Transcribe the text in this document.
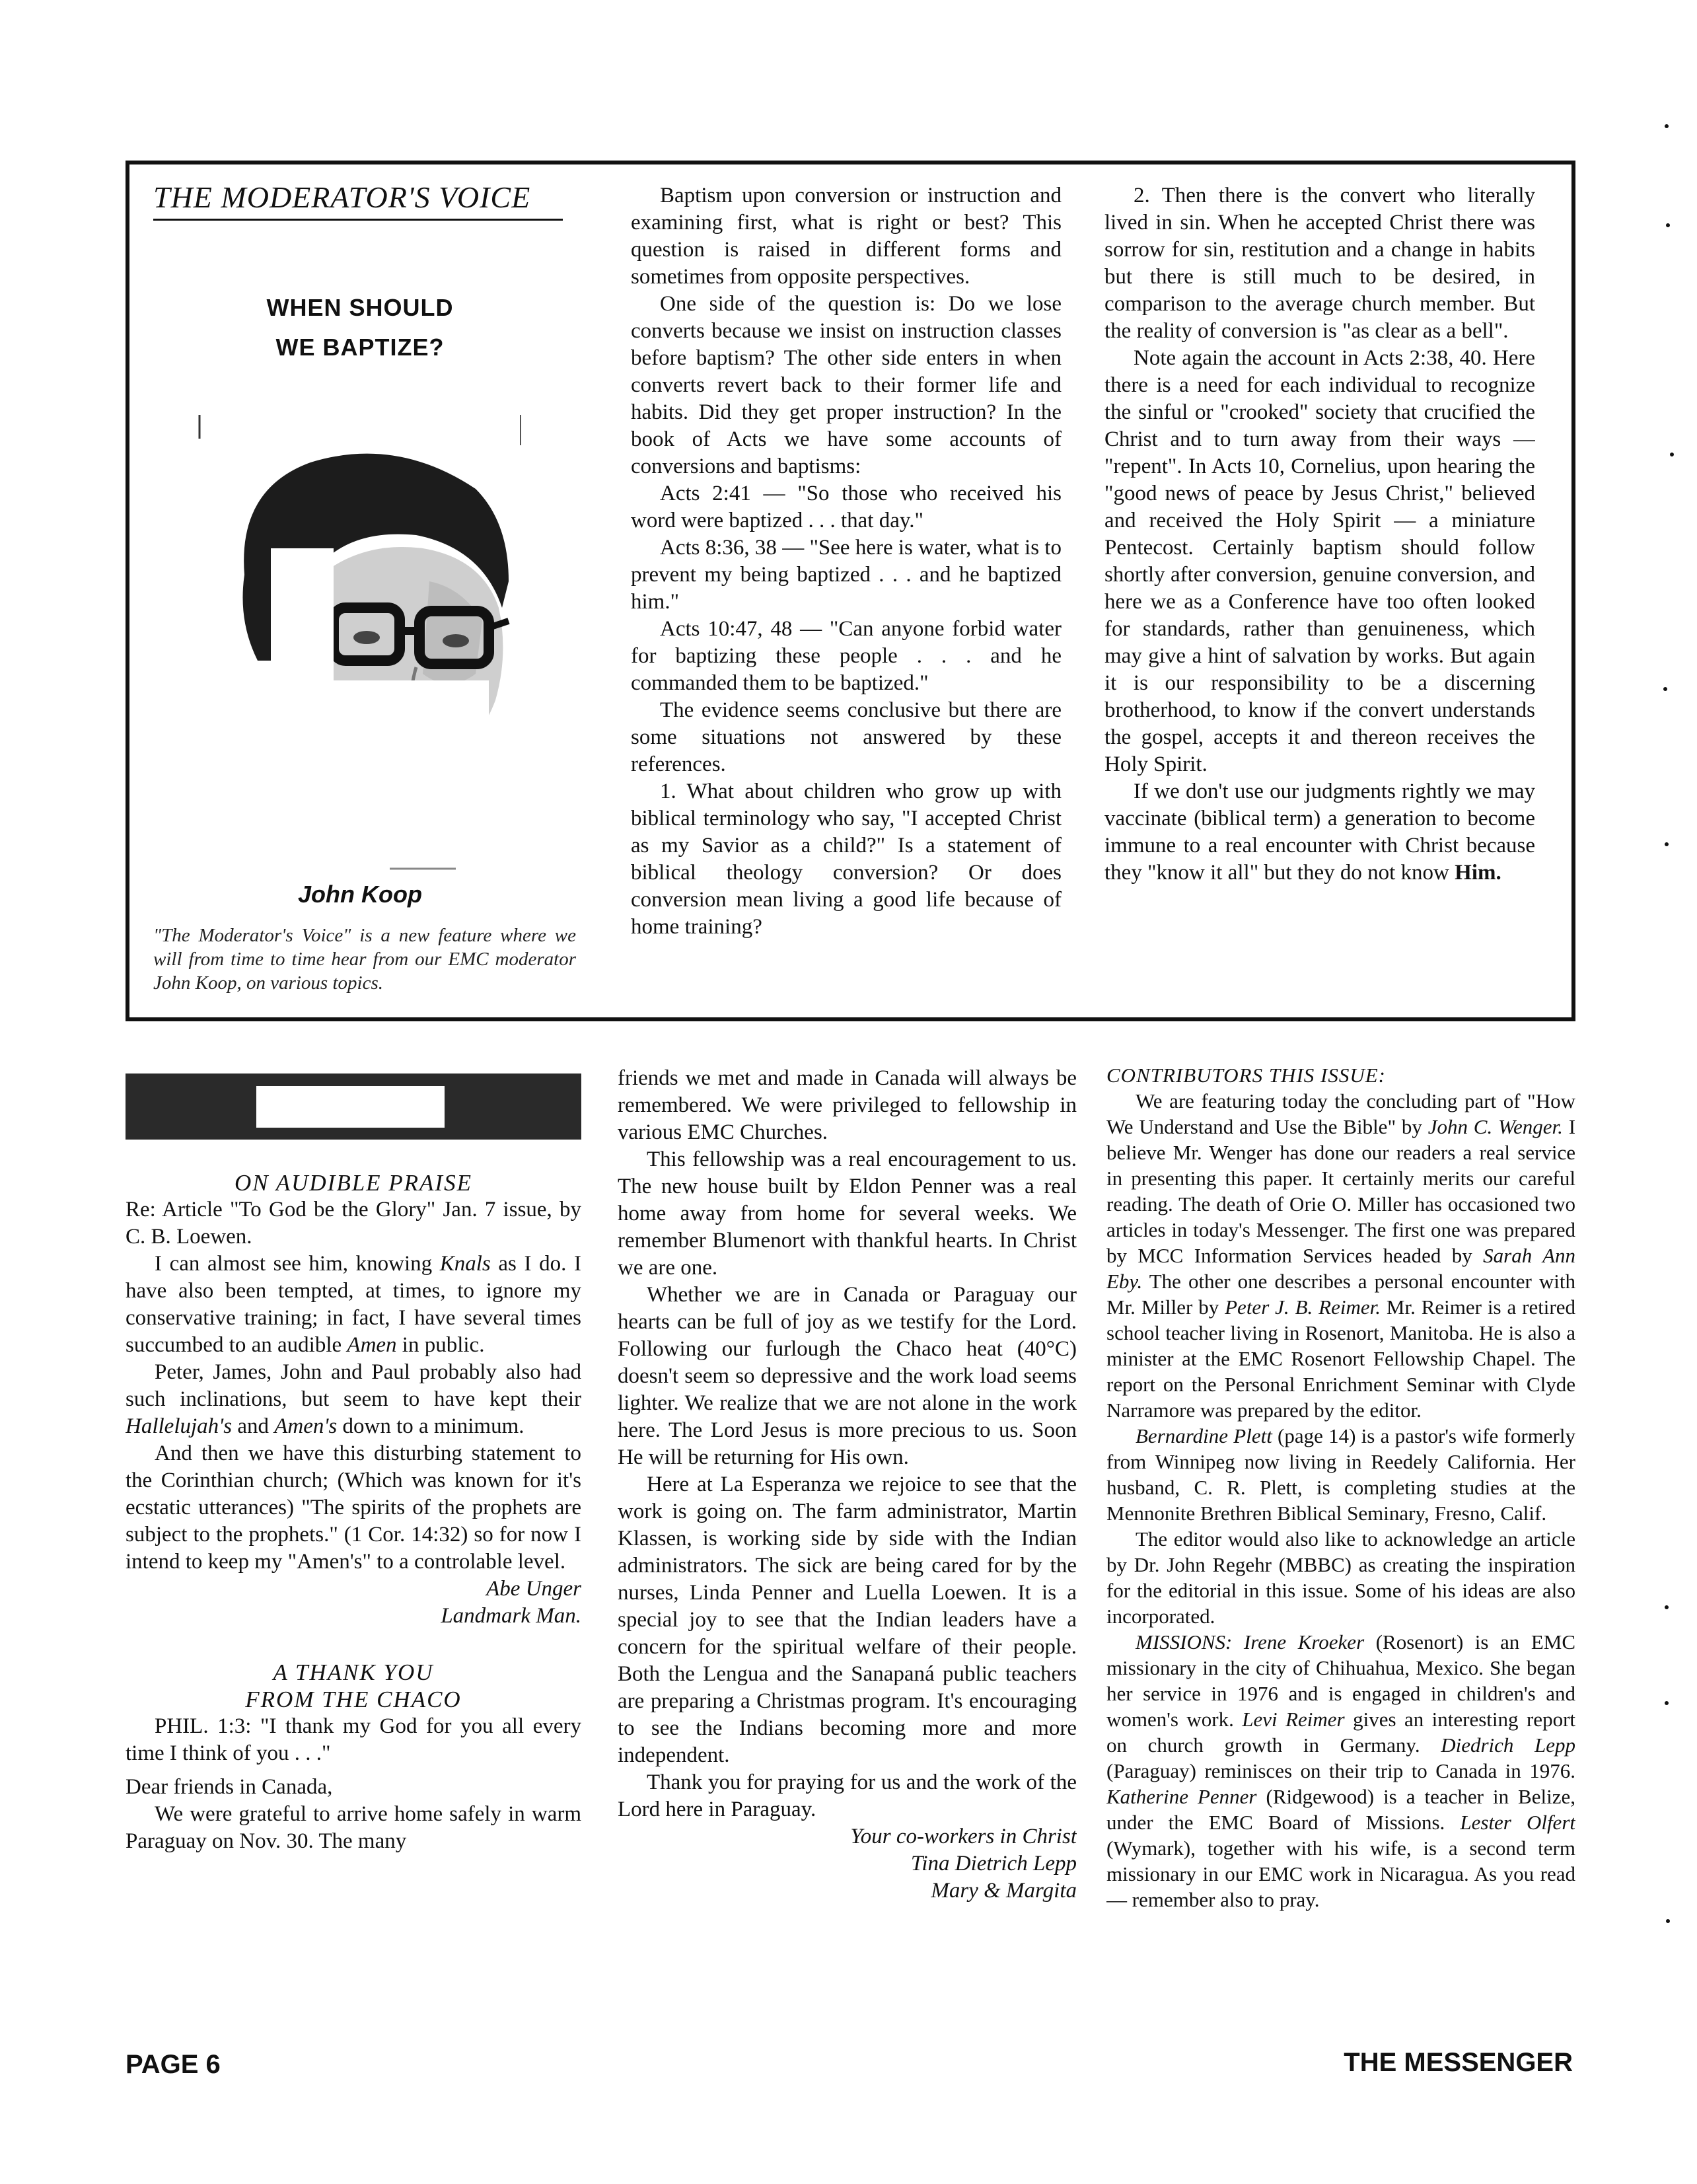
THE MODERATOR'S VOICE
WHEN SHOULD
WE BAPTIZE?
John Koop
"The Moderator's Voice" is a new feature where we will from time to time hear from our EMC moderator John Koop, on various topics.

Baptism upon conversion or instruction and examining first, what is right or best? This question is raised in different forms and sometimes from opposite perspectives.

One side of the question is: Do we lose converts because we insist on instruction classes before baptism? The other side enters in when converts revert back to their former life and habits. Did they get proper instruction? In the book of Acts we have some accounts of conversions and baptisms:

Acts 2:41 — "So those who received his word were baptized . . . that day."

Acts 8:36, 38 — "See here is water, what is to prevent my being baptized . . . and he baptized him."

Acts 10:47, 48 — "Can anyone forbid water for baptizing these people . . . and he commanded them to be baptized."

The evidence seems conclusive but there are some situations not answered by these references.

1. What about children who grow up with biblical terminology who say, "I accepted Christ as my Savior as a child?" Is a statement of biblical theology conversion? Or does conversion mean living a good life because of home training?

2. Then there is the convert who literally lived in sin. When he accepted Christ there was sorrow for sin, restitution and a change in habits but there is still much to be desired, in comparison to the average church member. But the reality of conversion is "as clear as a bell".

Note again the account in Acts 2:38, 40. Here there is a need for each individual to recognize the sinful or "crooked" society that crucified the Christ and to turn away from their ways — "repent". In Acts 10, Cornelius, upon hearing the "good news of peace by Jesus Christ," believed and received the Holy Spirit — a miniature Pentecost. Certainly baptism should follow shortly after conversion, genuine conversion, and here we as a Conference have too often looked for standards, rather than genuineness, which may give a hint of salvation by works. But again it is our responsibility to be a discerning brotherhood, to know if the convert understands the gospel, accepts it and thereon receives the Holy Spirit.

If we don't use our judgments rightly we may vaccinate (biblical term) a generation to become immune to a real encounter with Christ because they "know it all" but they do not know Him.

ON AUDIBLE PRAISE

Re: Article "To God be the Glory" Jan. 7 issue, by C. B. Loewen.

I can almost see him, knowing Knals as I do. I have also been tempted, at times, to ignore my conservative training; in fact, I have several times succumbed to an audible Amen in public.

Peter, James, John and Paul probably also had such inclinations, but seem to have kept their Hallelujah's and Amen's down to a minimum.

And then we have this disturbing statement to the Corinthian church; (Which was known for it's ecstatic utterances) "The spirits of the prophets are subject to the prophets." (1 Cor. 14:32) so for now I intend to keep my "Amen's" to a controlable level.

Abe Unger

Landmark Man.

A THANK YOU

FROM THE CHACO

PHIL. 1:3: "I thank my God for you all every time I think of you . . ."

Dear friends in Canada,

We were grateful to arrive home safely in warm Paraguay on Nov. 30. The many

friends we met and made in Canada will always be remembered. We were privileged to fellowship in various EMC Churches.

This fellowship was a real encouragement to us. The new house built by Eldon Penner was a real home away from home for several weeks. We remember Blumenort with thankful hearts. In Christ we are one.

Whether we are in Canada or Paraguay our hearts can be full of joy as we testify for the Lord. Following our furlough the Chaco heat (40°C) doesn't seem so depressive and the work load seems lighter. We realize that we are not alone in the work here. The Lord Jesus is more precious to us. Soon He will be returning for His own.

Here at La Esperanza we rejoice to see that the work is going on. The farm administrator, Martin Klassen, is working side by side with the Indian administrators. The sick are being cared for by the nurses, Linda Penner and Luella Loewen. It is a special joy to see that the Indian leaders have a concern for the spiritual welfare of their people. Both the Lengua and the Sanapaná public teachers are preparing a Christmas program. It's encouraging to see the Indians becoming more and more independent.

Thank you for praying for us and the work of the Lord here in Paraguay.

Your co-workers in Christ

Tina Dietrich Lepp

Mary & Margita

CONTRIBUTORS THIS ISSUE:

We are featuring today the concluding part of "How We Understand and Use the Bible" by John C. Wenger. I believe Mr. Wenger has done our readers a real service in presenting this paper. It certainly merits our careful reading. The death of Orie O. Miller has occasioned two articles in today's Messenger. The first one was prepared by MCC Information Services headed by Sarah Ann Eby. The other one describes a personal encounter with Mr. Miller by Peter J. B. Reimer. Mr. Reimer is a retired school teacher living in Rosenort, Manitoba. He is also a minister at the EMC Rosenort Fellowship Chapel. The report on the Personal Enrichment Seminar with Clyde Narramore was prepared by the editor.

Bernardine Plett (page 14) is a pastor's wife formerly from Winnipeg now living in Reedely California. Her husband, C. R. Plett, is completing studies at the Mennonite Brethren Biblical Seminary, Fresno, Calif.

The editor would also like to acknowledge an article by Dr. John Regehr (MBBC) as creating the inspiration for the editorial in this issue. Some of his ideas are also incorporated.

MISSIONS: Irene Kroeker (Rosenort) is an EMC missionary in the city of Chihuahua, Mexico. She began her service in 1976 and is engaged in children's and women's work. Levi Reimer gives an interesting report on church growth in Germany. Diedrich Lepp (Paraguay) reminisces on their trip to Canada in 1976. Katherine Penner (Ridgewood) is a teacher in Belize, under the EMC Board of Missions. Lester Olfert (Wymark), together with his wife, is a second term missionary in our EMC work in Nicaragua. As you read — remember also to pray.

PAGE 6	THE MESSENGER
